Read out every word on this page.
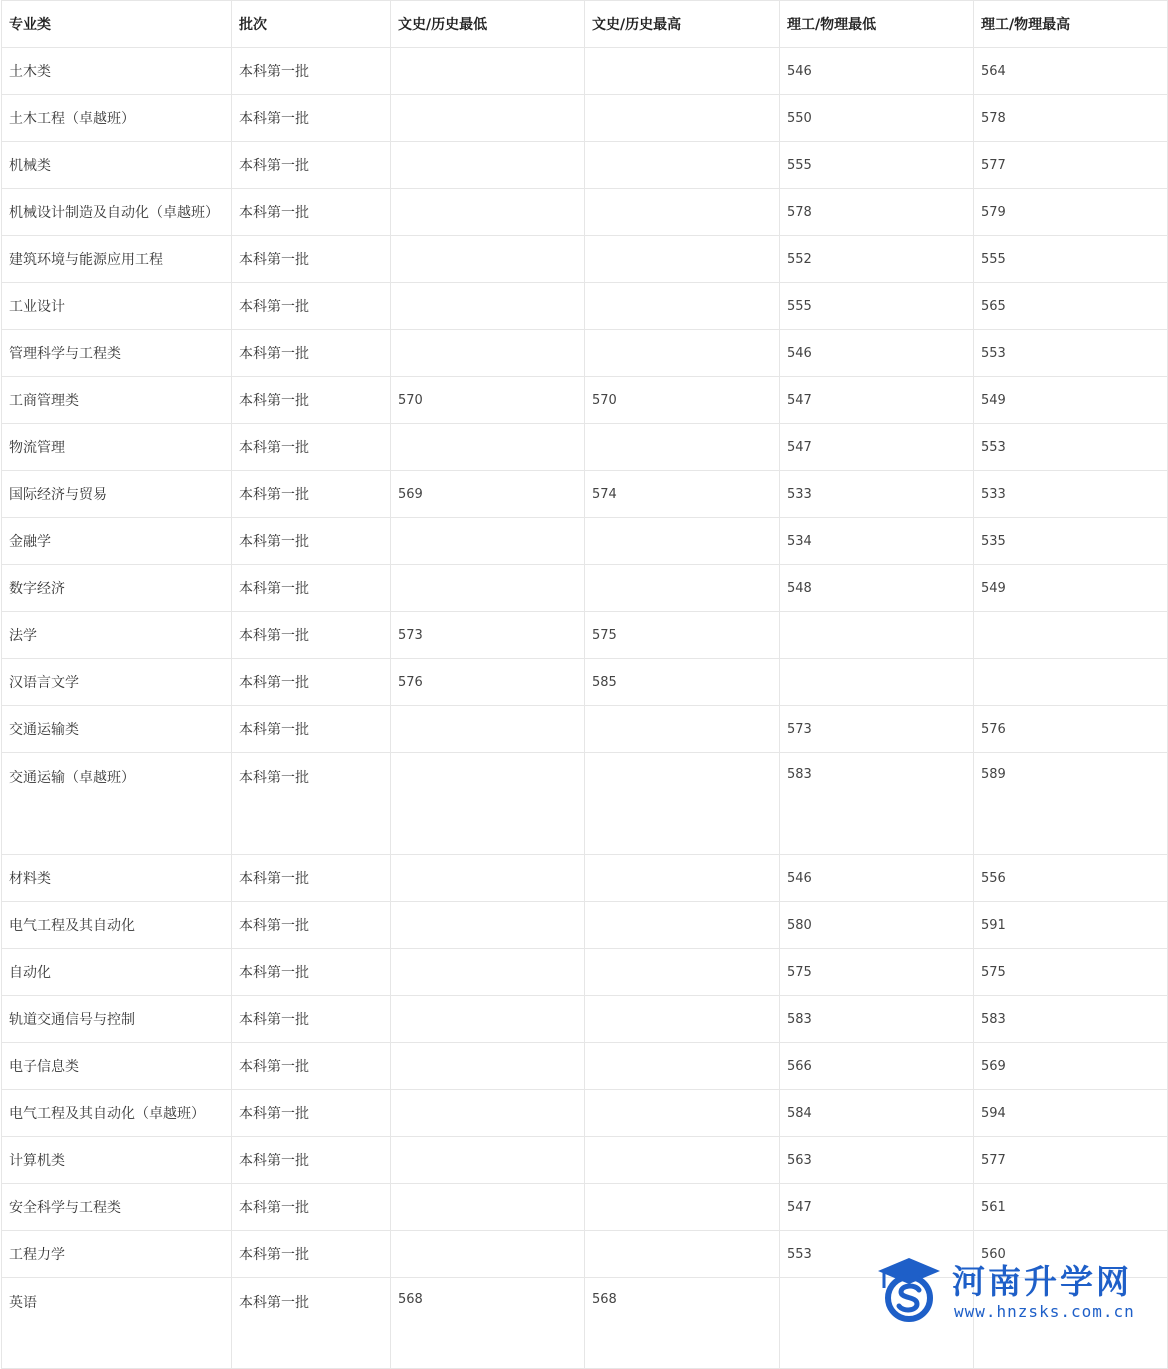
专业类	批次	文史/历史最低	文史/历史最高	理工/物理最低	理工/物理最高
土木类	本科第一批			546	564
土木工程（卓越班）	本科第一批			550	578
机械类	本科第一批			555	577
机械设计制造及自动化（卓越班）	本科第一批			578	579
建筑环境与能源应用工程	本科第一批			552	555
工业设计	本科第一批			555	565
管理科学与工程类	本科第一批			546	553
工商管理类	本科第一批	570	570	547	549
物流管理	本科第一批			547	553
国际经济与贸易	本科第一批	569	574	533	533
金融学	本科第一批			534	535
数字经济	本科第一批			548	549
法学	本科第一批	573	575		
汉语言文学	本科第一批	576	585		
交通运输类	本科第一批			573	576
交通运输（卓越班）	本科第一批			583	589
材料类	本科第一批			546	556
电气工程及其自动化	本科第一批			580	591
自动化	本科第一批			575	575
轨道交通信号与控制	本科第一批			583	583
电子信息类	本科第一批			566	569
电气工程及其自动化（卓越班）	本科第一批			584	594
计算机类	本科第一批			563	577
安全科学与工程类	本科第一批			547	561
工程力学	本科第一批			553	560
英语	本科第一批	568	568			河南升学网
www.hnzsks.com.cn
